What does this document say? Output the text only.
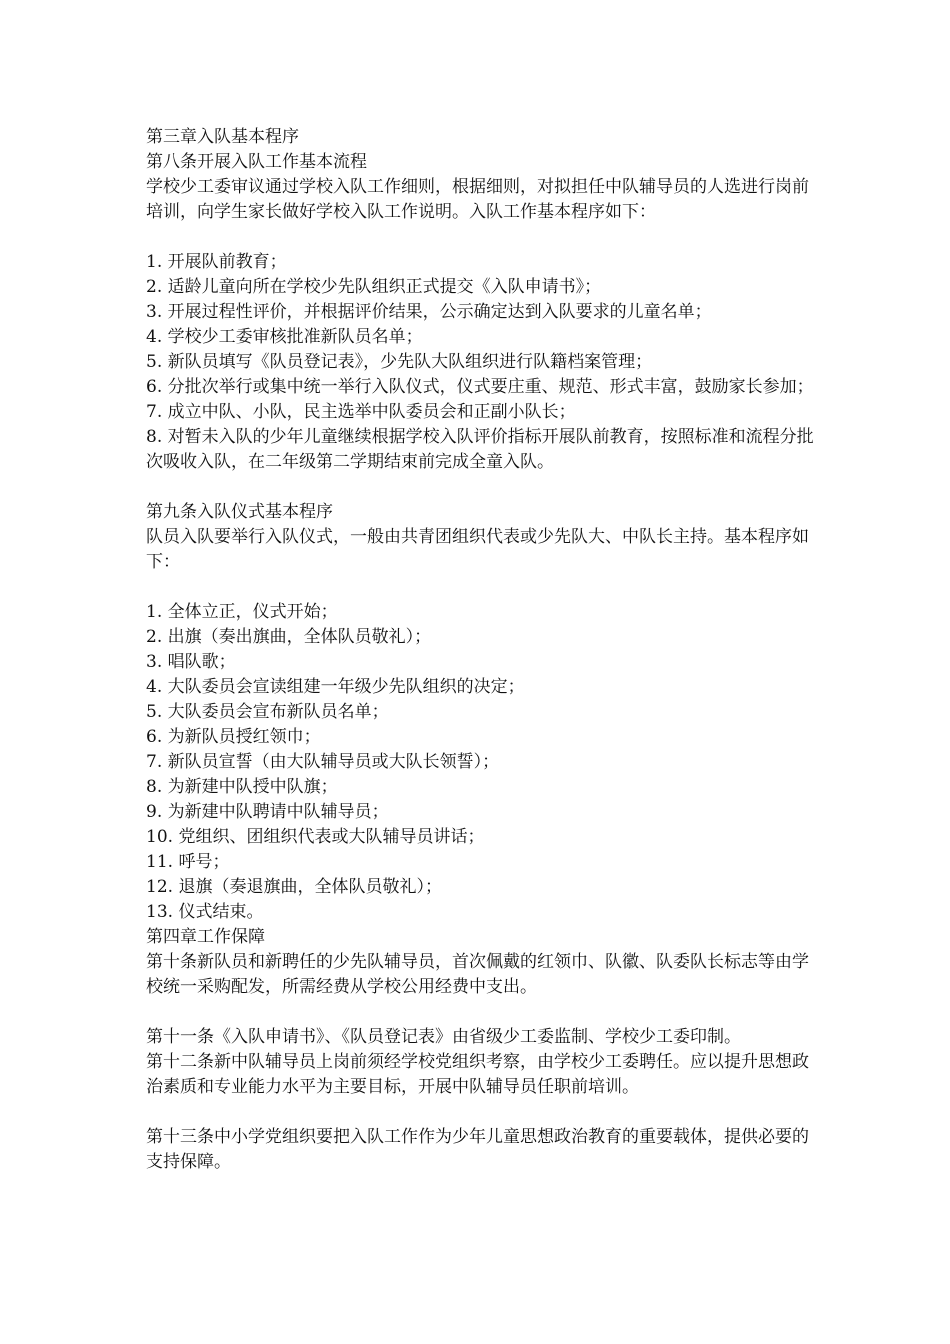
第三章入队基本程序
第八条开展入队工作基本流程
学校少工委审议通过学校入队工作细则，根据细则，对拟担任中队辅导员的人选进行岗前培训，向学生家长做好学校入队工作说明。入队工作基本程序如下：
1. 开展队前教育；
2. 适龄儿童向所在学校少先队组织正式提交《入队申请书》；
3. 开展过程性评价，并根据评价结果，公示确定达到入队要求的儿童名单；
4. 学校少工委审核批准新队员名单；
5. 新队员填写《队员登记表》，少先队大队组织进行队籍档案管理；
6. 分批次举行或集中统一举行入队仪式，仪式要庄重、规范、形式丰富，鼓励家长参加；
7. 成立中队、小队，民主选举中队委员会和正副小队长；
8. 对暂未入队的少年儿童继续根据学校入队评价指标开展队前教育，按照标准和流程分批次吸收入队，在二年级第二学期结束前完成全童入队。
第九条入队仪式基本程序
队员入队要举行入队仪式，一般由共青团组织代表或少先队大、中队长主持。基本程序如下：
1. 全体立正，仪式开始；
2. 出旗（奏出旗曲，全体队员敬礼）；
3. 唱队歌；
4. 大队委员会宣读组建一年级少先队组织的决定；
5. 大队委员会宣布新队员名单；
6. 为新队员授红领巾；
7. 新队员宣誓（由大队辅导员或大队长领誓）；
8. 为新建中队授中队旗；
9. 为新建中队聘请中队辅导员；
10. 党组织、团组织代表或大队辅导员讲话；
11. 呼号；
12. 退旗（奏退旗曲，全体队员敬礼）；
13. 仪式结束。
第四章工作保障
第十条新队员和新聘任的少先队辅导员，首次佩戴的红领巾、队徽、队委队长标志等由学校统一采购配发，所需经费从学校公用经费中支出。
第十一条《入队申请书》、《队员登记表》由省级少工委监制、学校少工委印制。
第十二条新中队辅导员上岗前须经学校党组织考察，由学校少工委聘任。应以提升思想政治素质和专业能力水平为主要目标，开展中队辅导员任职前培训。
第十三条中小学党组织要把入队工作作为少年儿童思想政治教育的重要载体，提供必要的支持保障。
